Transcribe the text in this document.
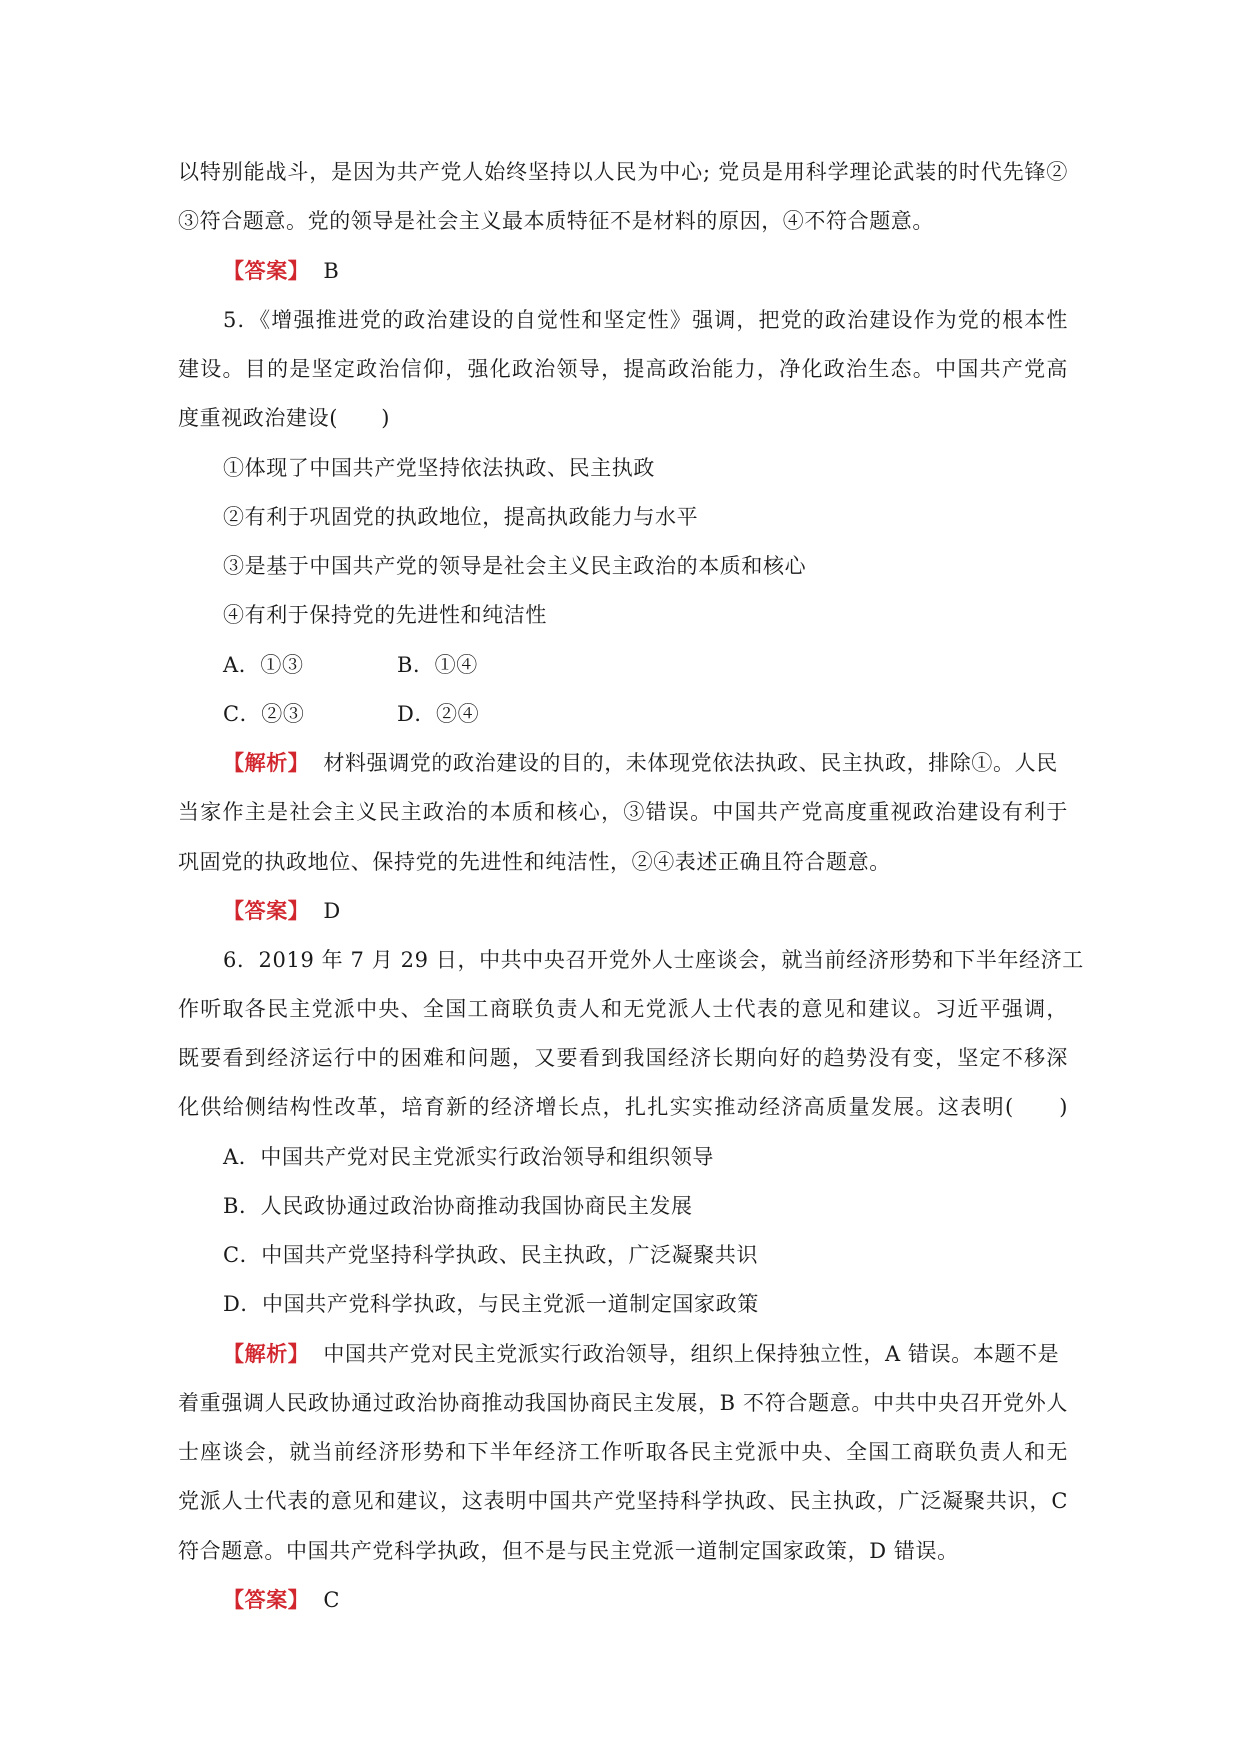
以特别能战斗，是因为共产党人始终坚持以人民为中心; 党员是用科学理论武装的时代先锋②
③符合题意。党的领导是社会主义最本质特征不是材料的原因，④不符合题意。
【答案】 B
5．《增强推进党的政治建设的自觉性和坚定性》强调，把党的政治建设作为党的根本性
建设。目的是坚定政治信仰，强化政治领导，提高政治能力，净化政治生态。中国共产党高
度重视政治建设(　　)
①体现了中国共产党坚持依法执政、民主执政
②有利于巩固党的执政地位，提高执政能力与水平
③是基于中国共产党的领导是社会主义民主政治的本质和核心
④有利于保持党的先进性和纯洁性
A．①③	B．①④
C．②③	D．②④
【解析】 材料强调党的政治建设的目的，未体现党依法执政、民主执政，排除①。人民
当家作主是社会主义民主政治的本质和核心，③错误。中国共产党高度重视政治建设有利于
巩固党的执政地位、保持党的先进性和纯洁性，②④表述正确且符合题意。
【答案】 D
6．2019 年 7 月 29 日，中共中央召开党外人士座谈会，就当前经济形势和下半年经济工
作听取各民主党派中央、全国工商联负责人和无党派人士代表的意见和建议。习近平强调，
既要看到经济运行中的困难和问题，又要看到我国经济长期向好的趋势没有变，坚定不移深
化供给侧结构性改革，培育新的经济增长点，扎扎实实推动经济高质量发展。这表明(　　)
A．中国共产党对民主党派实行政治领导和组织领导
B．人民政协通过政治协商推动我国协商民主发展
C．中国共产党坚持科学执政、民主执政，广泛凝聚共识
D．中国共产党科学执政，与民主党派一道制定国家政策
【解析】 中国共产党对民主党派实行政治领导，组织上保持独立性，A 错误。本题不是
着重强调人民政协通过政治协商推动我国协商民主发展，B 不符合题意。中共中央召开党外人
士座谈会，就当前经济形势和下半年经济工作听取各民主党派中央、全国工商联负责人和无
党派人士代表的意见和建议，这表明中国共产党坚持科学执政、民主执政，广泛凝聚共识，C
符合题意。中国共产党科学执政，但不是与民主党派一道制定国家政策，D 错误。
【答案】 C
